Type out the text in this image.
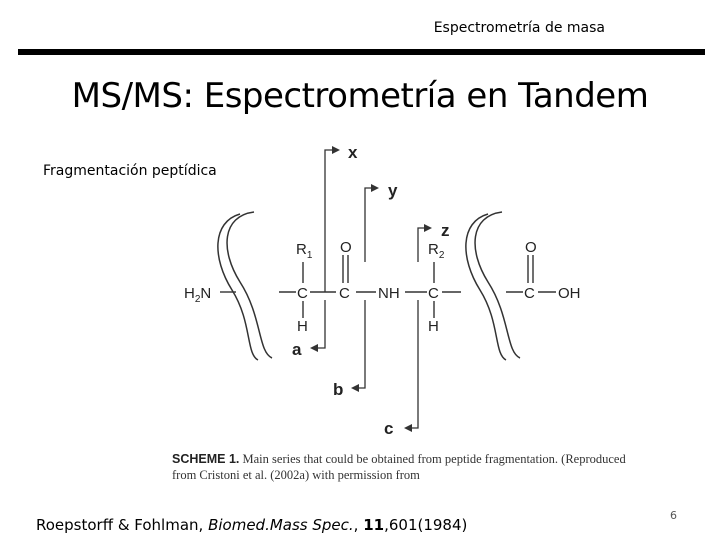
Espectrometría de masa
MS/MS: Espectrometría en Tandem
Fragmentación peptídica
x
y
z
a
b
c
$H_2N$
$R_1$ O
C C NH
H
$R_2$
C
H
O
C OH
SCHEME 1. Main series that could be obtained from peptide fragmentation. (Reproduced from Cristoni et al. (2002a) with permission from
Roepstorff & Fohlman, Biomed.Mass Spec., 11,601(1984)
6
